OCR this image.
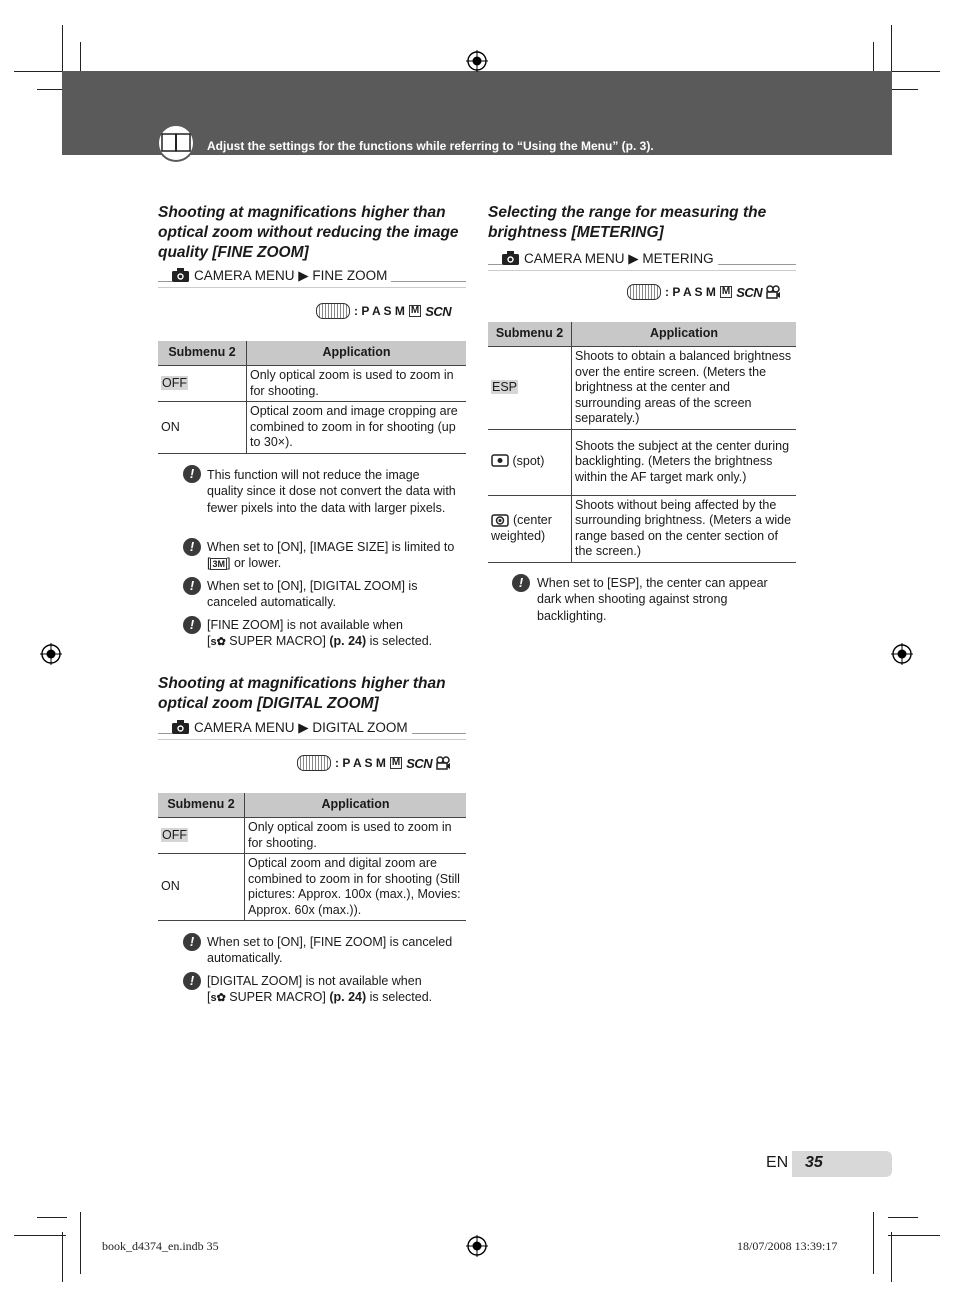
Adjust the settings for the functions while referring to “Using the Menu” (p. 3).
Shooting at magnifications higher than optical zoom without reducing the image quality [FINE ZOOM]
CAMERA MENU ▶ FINE ZOOM
: P A S M M SCN
Submenu 2	Application
OFF	Only optical zoom is used to zoom in for shooting.
ON	Optical zoom and image cropping are combined to zoom in for shooting (up to 30×).
!	This function will not reduce the image quality since it dose not convert the data with fewer pixels into the data with larger pixels.
!	When set to [ON], [IMAGE SIZE] is limited to [ 3M ] or lower.
!	When set to [ON], [DIGITAL ZOOM] is canceled automatically.
!	[FINE ZOOM] is not available when
[s✿ SUPER MACRO] (p. 24) is selected.
Shooting at magnifications higher than optical zoom [DIGITAL ZOOM]
CAMERA MENU ▶ DIGITAL ZOOM
: P A S M M SCN
Submenu 2	Application
OFF	Only optical zoom is used to zoom in for shooting.
ON	Optical zoom and digital zoom are combined to zoom in for shooting (Still pictures: Approx. 100x (max.), Movies: Approx. 60x (max.)).
!	When set to [ON], [FINE ZOOM] is canceled automatically.
!	[DIGITAL ZOOM] is not available when
[s✿ SUPER MACRO] (p. 24) is selected.
Selecting the range for measuring the brightness [METERING]
CAMERA MENU ▶ METERING
: P A S M M SCN
Submenu 2	Application
ESP	Shoots to obtain a balanced brightness over the entire screen. (Meters the brightness at the center and surrounding areas of the screen separately.)
(spot)	Shoots the subject at the center during backlighting. (Meters the brightness within the AF target mark only.)

(center weighted)	Shoots without being affected by the surrounding brightness. (Meters a wide range based on the center section of the screen.)
!	When set to [ESP], the center can appear dark when shooting against strong backlighting.
EN 35
book_d4374_en.indb 35	18/07/2008 13:39:17
